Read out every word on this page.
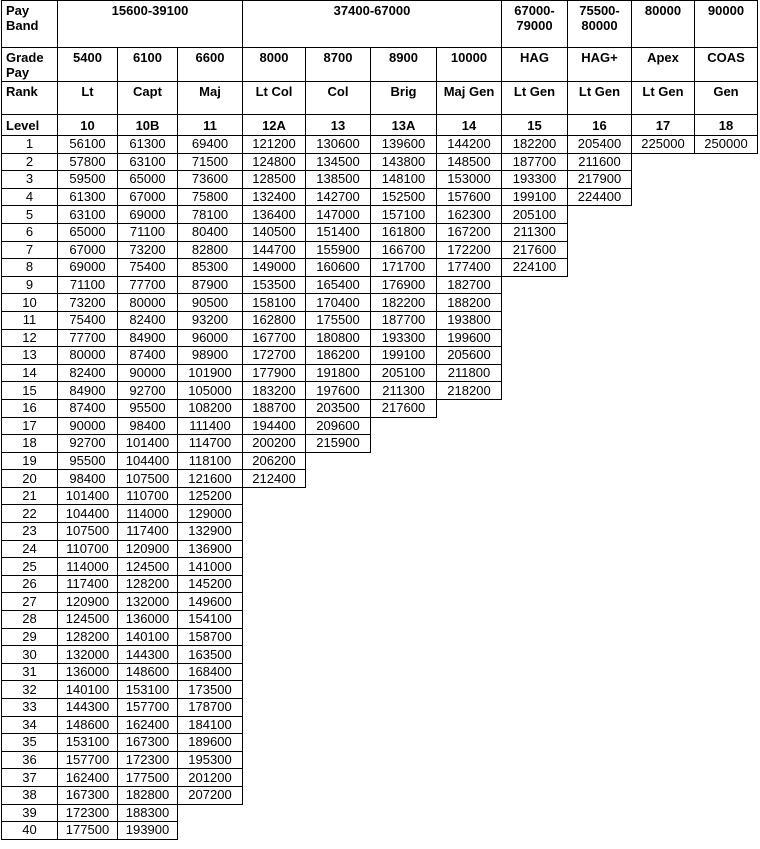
Pay Band	15600-39100			37400-67000				67000-79000	75500-80000	80000	90000
Grade Pay	5400	6100	6600	8000	8700	8900	10000	HAG	HAG+	Apex	COAS
Rank	Lt	Capt	Maj	Lt Col	Col	Brig	Maj Gen	Lt Gen	Lt Gen	Lt Gen	Gen
Level	10	10B	11	12A	13	13A	14	15	16	17	18
1	56100	61300	69400	121200	130600	139600	144200	182200	205400	225000	250000
2	57800	63100	71500	124800	134500	143800	148500	187700	211600		
3	59500	65000	73600	128500	138500	148100	153000	193300	217900		
4	61300	67000	75800	132400	142700	152500	157600	199100	224400		
5	63100	69000	78100	136400	147000	157100	162300	205100			
6	65000	71100	80400	140500	151400	161800	167200	211300			
7	67000	73200	82800	144700	155900	166700	172200	217600			
8	69000	75400	85300	149000	160600	171700	177400	224100			
9	71100	77700	87900	153500	165400	176900	182700				
10	73200	80000	90500	158100	170400	182200	188200				
11	75400	82400	93200	162800	175500	187700	193800				
12	77700	84900	96000	167700	180800	193300	199600				
13	80000	87400	98900	172700	186200	199100	205600				
14	82400	90000	101900	177900	191800	205100	211800				
15	84900	92700	105000	183200	197600	211300	218200				
16	87400	95500	108200	188700	203500	217600					
17	90000	98400	111400	194400	209600						
18	92700	101400	114700	200200	215900						
19	95500	104400	118100	206200							
20	98400	107500	121600	212400							
21	101400	110700	125200								
22	104400	114000	129000								
23	107500	117400	132900								
24	110700	120900	136900								
25	114000	124500	141000								
26	117400	128200	145200								
27	120900	132000	149600								
28	124500	136000	154100								
29	128200	140100	158700								
30	132000	144300	163500								
31	136000	148600	168400								
32	140100	153100	173500								
33	144300	157700	178700								
34	148600	162400	184100								
35	153100	167300	189600								
36	157700	172300	195300								
37	162400	177500	201200								
38	167300	182800	207200								
39	172300	188300									
40	177500	193900									
